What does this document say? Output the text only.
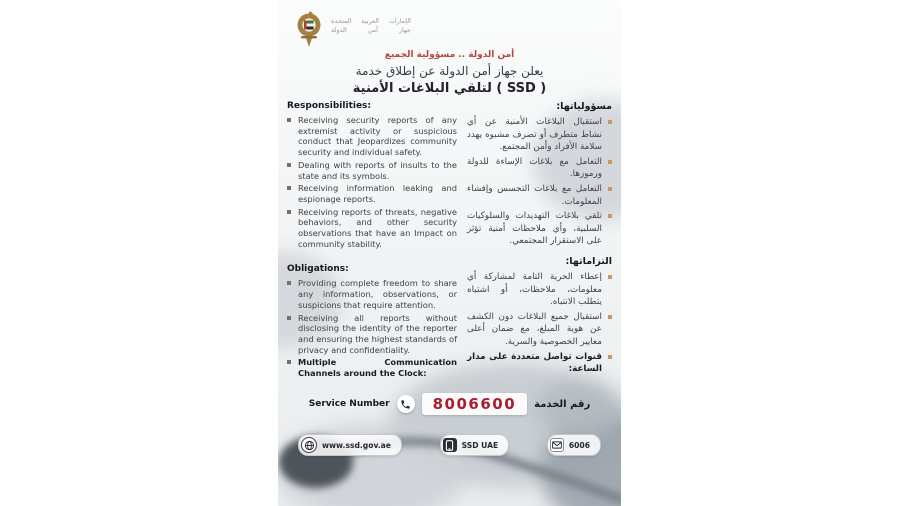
الإمارات العربية المتحدة
جهاز أمن الدولة
أمن الدولة .. مسؤولية الجميع
يعلن جهاز أمن الدولة عن إطلاق خدمة
( SSD ) لتلقي البلاغات الأمنية
Responsibilities:
Receiving security reports of any extremist activity or suspicious conduct that Jeopardizes community security and individual safety.
Dealing with reports of insults to the state and its symbols.
Receiving information leaking and espionage reports.
Receiving reports of threats, negative behaviors, and other security observations that have an Impact on community stability.
Obligations:
Providing complete freedom to share any information, observations, or suspicions that require attention.
Receiving all reports without disclosing the identity of the reporter and ensuring the highest standards of privacy and confidentiality.
Multiple Communication Channels around the Clock:
مسؤولياتها:
استقبال البلاغات الأمنية عن أي نشاط متطرف أو تصرف مشبوه يهدد سلامة الأفراد وأمن المجتمع.
التعامل مع بلاغات الإساءة للدولة ورموزها.
التعامل مع بلاغات التجسس وإفشاء المعلومات.
تلقي بلاغات التهديدات والسلوكيات السلبية، وأي ملاحظات أمنية تؤثر على الاستقرار المجتمعي.
التزاماتها:
إعطاء الحرية التامة لمشاركة أي معلومات، ملاحظات، أو اشتباه يتطلب الانتباه.
استقبال جميع البلاغات دون الكشف عن هوية المبلغ، مع ضمان أعلى معايير الخصوصية والسرية.
قنوات تواصل متعددة على مدار الساعة:
Service Number	8006600	رقم الخدمة
www.ssd.gov.ae	SSD UAE	6006
